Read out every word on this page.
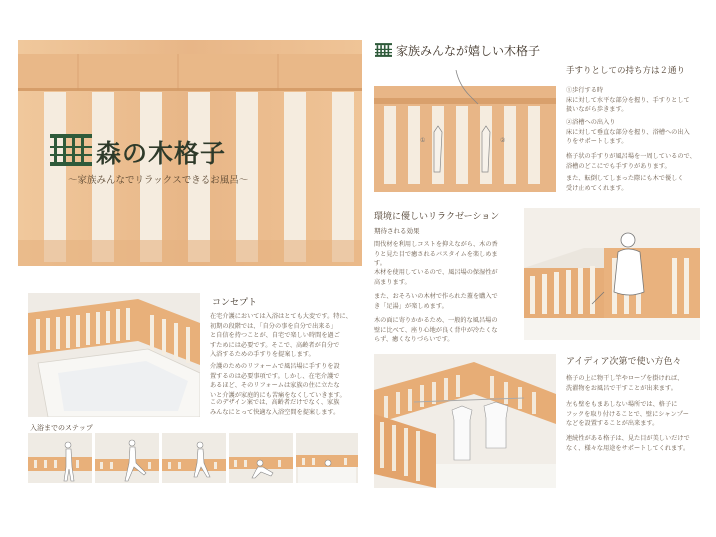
森の木格子
〜家族みんなでリラックスできるお風呂〜
家族みんなが嬉しい木格子
①	②
手すりとしての持ち方は２通り
①歩行する時
床に対して水平な部分を握り、手すりとして
扱いながら歩きます。
②浴槽への出入り
床に対して垂直な部分を握り、浴槽への出入
りをサポートします。
格子状の手すりが風呂場を一周しているので、
浴槽のどこにでも手すりがあります。
また、転倒してしまった際にも木で優しく
受け止めてくれます。
環境に優しいリラクゼーション
期待される効果
間伐材を利用しコストを抑えながら、木の香
りと見た目で癒されるバスタイムを楽しめま
す。
木材を使用しているので、風呂場の保湿性が
高まります。
また、おそろいの木材で作られた蓋を購入で
き「足湯」が楽しめます。
木の面に寄りかかるため、一般的な風呂場の
壁に比べて、座り心地が良く背中が冷たくな
らず、癒くなりづらいです。
コンセプト
在宅介護においては入浴はとても大変です。特に、
初期の段階では、「自分の事を自分で出来る」
と自信を持つことが、自宅で楽しい時間を過ご
すためには必要です。そこで、高齢者が自分で
入浴するための手すりを提案します。
介護のためのリフォームで風呂場に手すりを設
置するのは必要事項です。しかし、在宅介護で
あるほど、そのリフォームは家族の住に立たな
いと介護が家庭的にも苦痛をなくしていきます。
このデザイン案では、高齢者だけでなく、家族
みんなにとって快適な入浴空間を提案します。
入浴までのステップ
アイディア次第で使い方色々
格子の上に物干し竿やロープを掛ければ、
洗濯物をお風呂で干すことが出来ます。
左も壁をもまあしない場所では、格子に
フックを取り付けることで、壁にシャンプー
などを設置することが出来ます。
連続性がある格子は、見た目が美しいだけで
なく、様々な用途をサポートしてくれます。
